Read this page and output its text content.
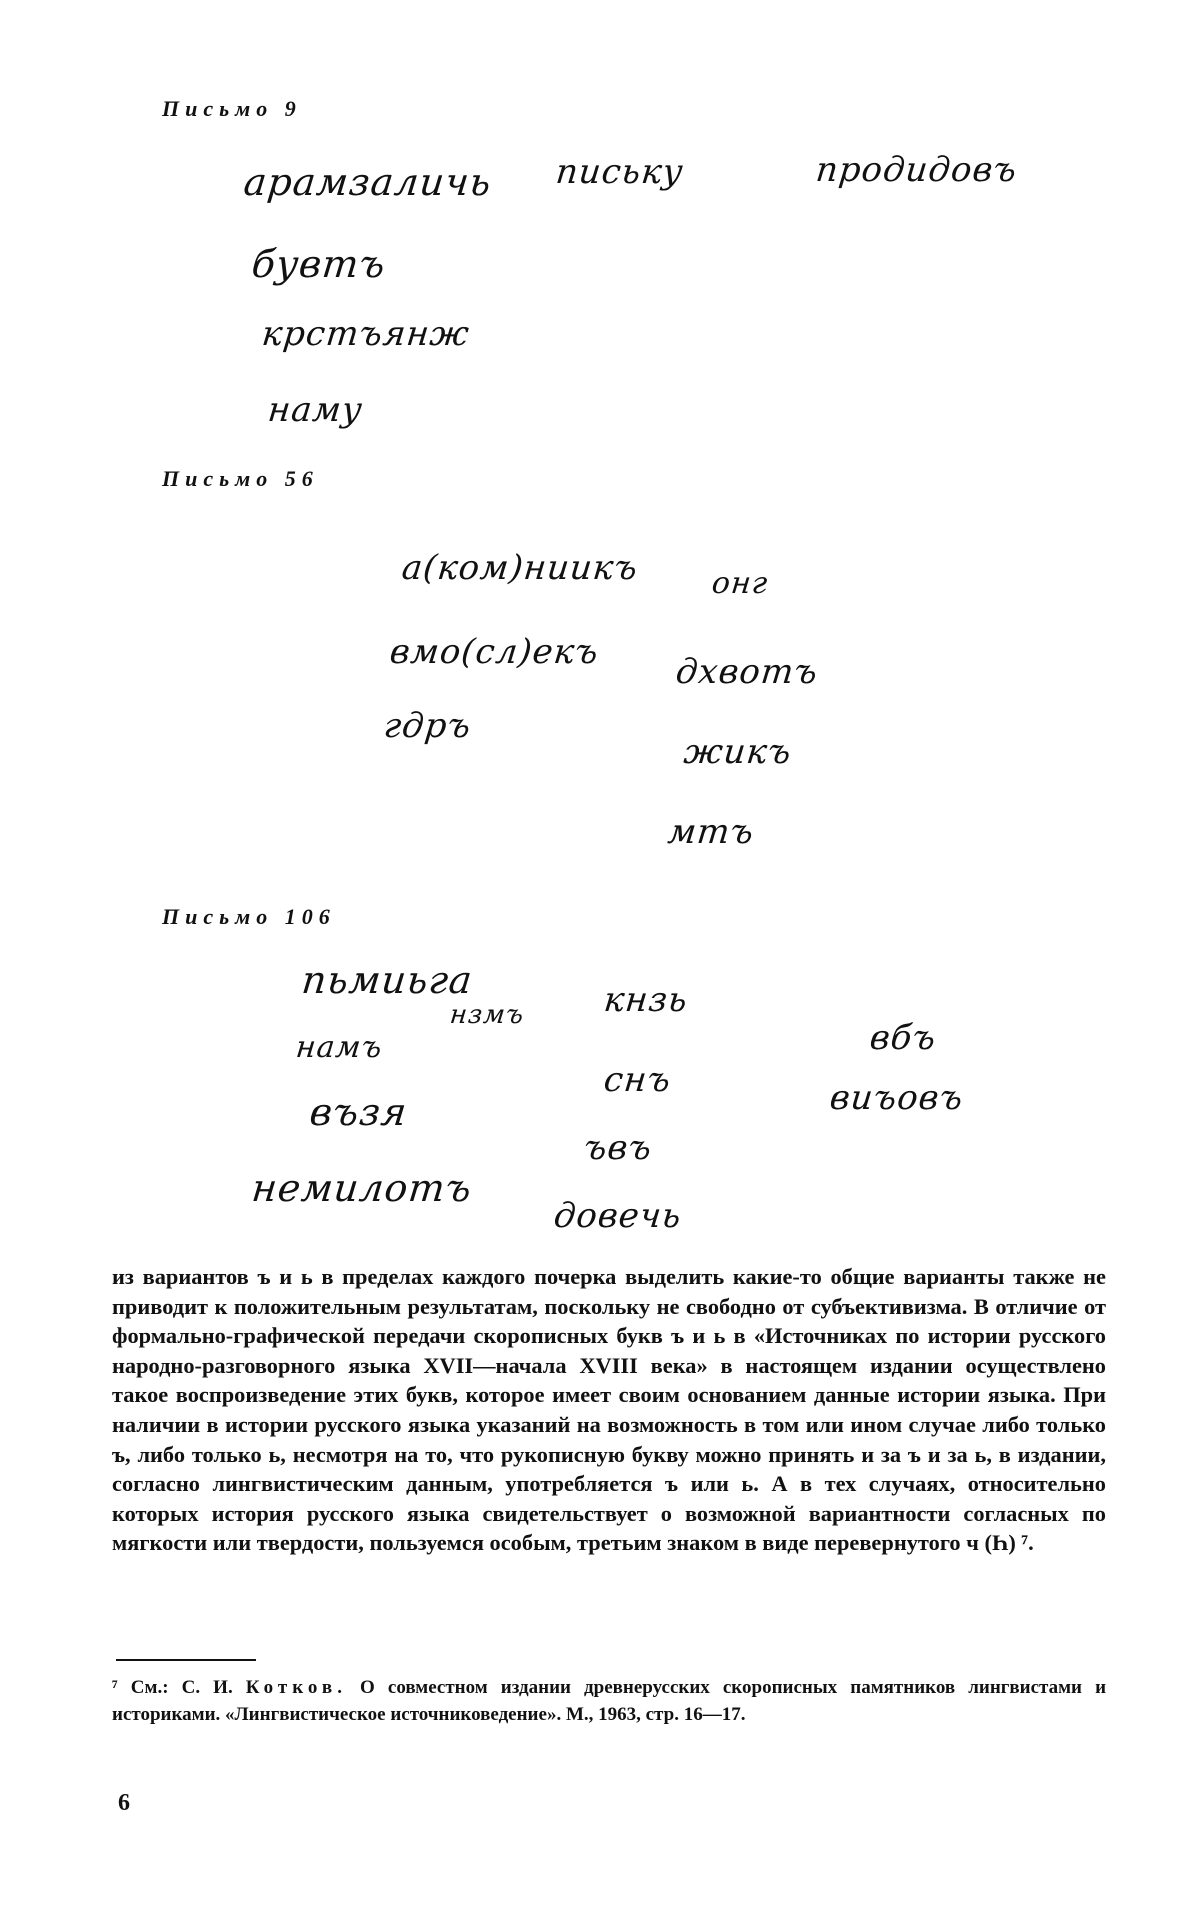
Письмо 9
арамзаличь письку	продидовъ
бувтъ
крстъянж
наму
Письмо 56
а(ком)ниикъ онг
вмо(сл)екъ дхвотъ
гдръ
жикъ
мтъ
Письмо 106
пьмиьга
нзмъ кнзь
вбъ
намъ
снъ	виъовъ
възя
ъвъ
немилотъ
довечь

из вариантов ъ и ь в пределах каждого почерка выделить какие-то общие варианты также не приводит к положительным результатам, поскольку не свободно от субъективизма. В отличие от формально-графической передачи скорописных букв ъ и ь в «Источниках по истории русского народно-разговорного языка XVII—начала XVIII века» в настоящем издании осуществлено такое воспроизведение этих букв, которое имеет своим основанием данные истории языка. При наличии в истории русского языка указаний на возможность в том или ином случае либо только ъ, либо только ь, несмотря на то, что рукописную букву можно принять и за ъ и за ь, в издании, согласно лингвистическим данным, употребляется ъ или ь. А в тех случаях, относительно которых история русского языка свидетельствует о возможной вариантности согласных по мягкости или твердости, пользуемся особым, третьим знаком в виде перевернутого ч (Һ) ⁷.

⁷ См.: С. И. Котков. О совместном издании древнерусских скорописных памятников лингвистами и историками. «Лингвистическое источниковедение». М., 1963, стр. 16—17.
6
